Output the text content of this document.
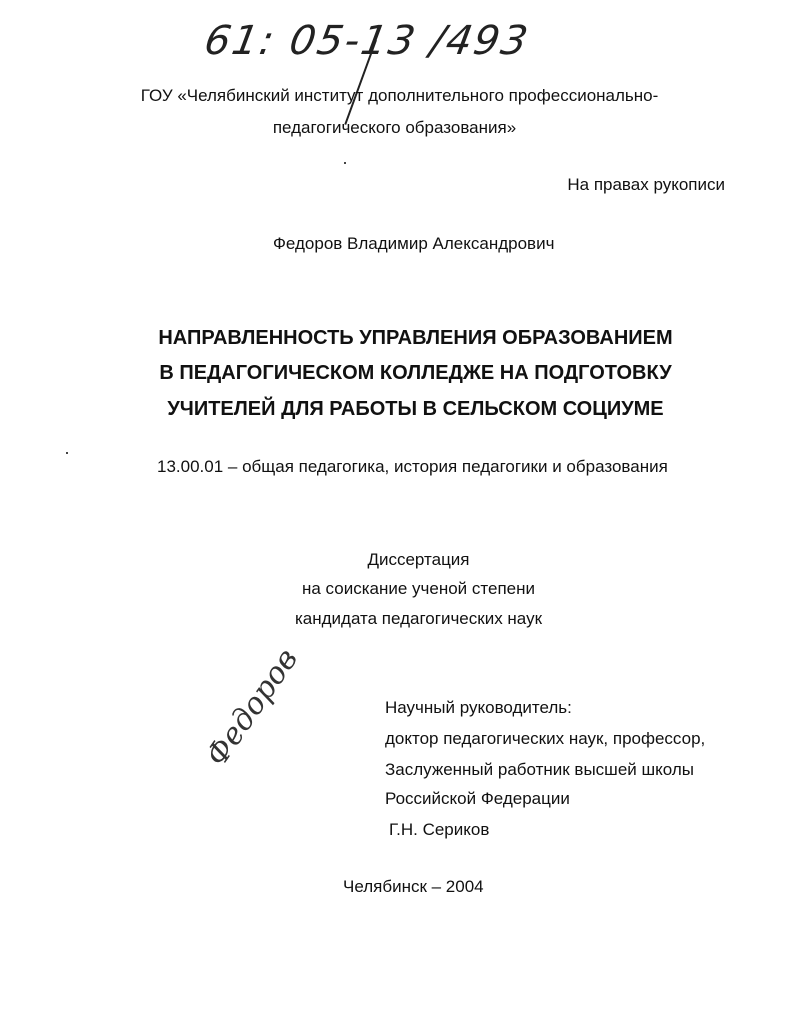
61: 05-13 /493
ГОУ «Челябинский институт дополнительного профессионально-
педагогического образования»
На правах рукописи
Федоров Владимир Александрович
НАПРАВЛЕННОСТЬ УПРАВЛЕНИЯ ОБРАЗОВАНИЕМ
В ПЕДАГОГИЧЕСКОМ КОЛЛЕДЖЕ НА ПОДГОТОВКУ
УЧИТЕЛЕЙ ДЛЯ РАБОТЫ В СЕЛЬСКОМ СОЦИУМЕ
13.00.01 – общая педагогика, история педагогики и образования
Диссертация
на соискание ученой степени
кандидата педагогических наук
Федоров	Научный руководитель:
доктор педагогических наук, профессор,
Заслуженный работник высшей школы
Российской Федерации
Г.Н. Сериков
Челябинск – 2004
